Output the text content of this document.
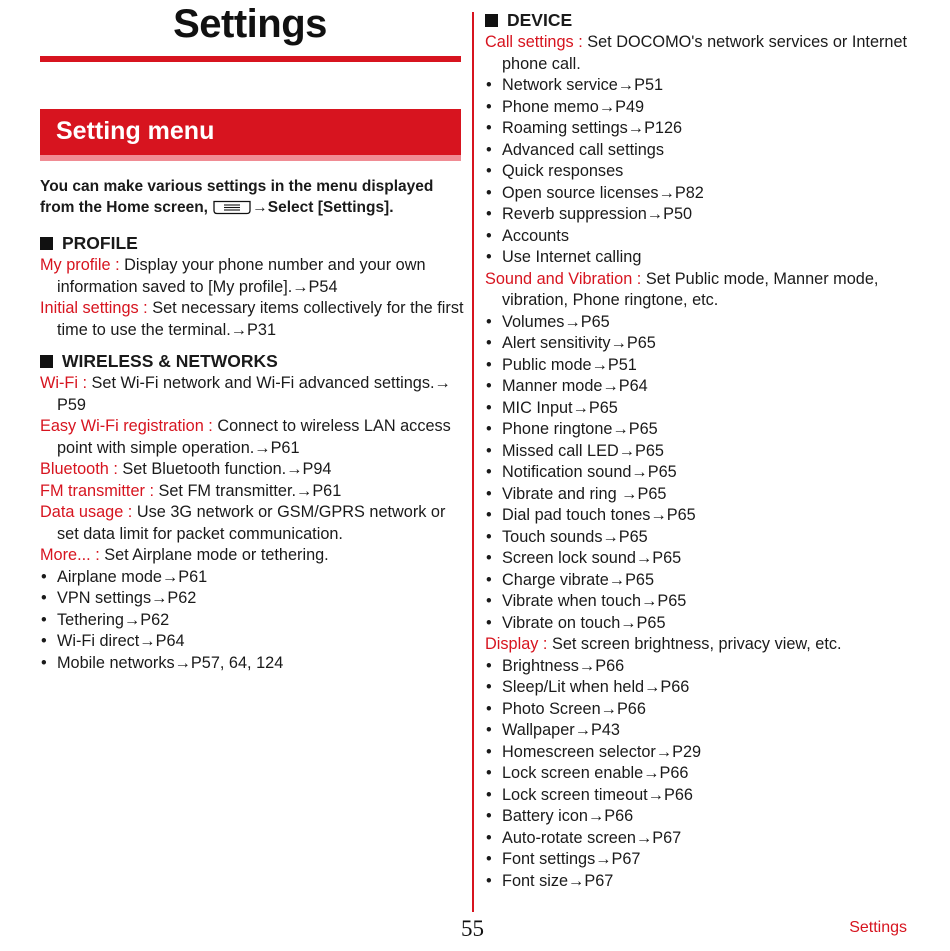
Settings
Setting menu
You can make various settings in the menu displayed from the Home screen,	→Select [Settings].
PROFILE
My profile : Display your phone number and your own information saved to [My profile].→P54
Initial settings : Set necessary items collectively for the first time to use the terminal.→P31
WIRELESS & NETWORKS
Wi-Fi : Set Wi-Fi network and Wi-Fi advanced settings.→ P59
Easy Wi-Fi registration : Connect to wireless LAN access point with simple operation.→P61
Bluetooth : Set Bluetooth function.→P94
FM transmitter : Set FM transmitter.→P61
Data usage : Use 3G network or GSM/GPRS network or set data limit for packet communication.
More... : Set Airplane mode or tethering.
• Airplane mode→P61
• VPN settings→P62
• Tethering→P62
• Wi-Fi direct→P64
• Mobile networks→P57, 64, 124
DEVICE
Call settings : Set DOCOMO's network services or Internet phone call.
• Network service→P51
• Phone memo→P49
• Roaming settings→P126
• Advanced call settings
• Quick responses
• Open source licenses→P82
• Reverb suppression→P50
• Accounts
• Use Internet calling
Sound and Vibration : Set Public mode, Manner mode, vibration, Phone ringtone, etc.
• Volumes→P65
• Alert sensitivity→P65
• Public mode→P51
• Manner mode→P64
• MIC Input→P65
• Phone ringtone→P65
• Missed call LED→P65
• Notification sound→P65
• Vibrate and ring →P65
• Dial pad touch tones→P65
• Touch sounds→P65
• Screen lock sound→P65
• Charge vibrate→P65
• Vibrate when touch→P65
• Vibrate on touch→P65
Display : Set screen brightness, privacy view, etc.
• Brightness→P66
• Sleep/Lit when held→P66
• Photo Screen→P66
• Wallpaper→P43
• Homescreen selector→P29
• Lock screen enable→P66
• Lock screen timeout→P66
• Battery icon→P66
• Auto-rotate screen→P67
• Font settings→P67
• Font size→P67
55	Settings
